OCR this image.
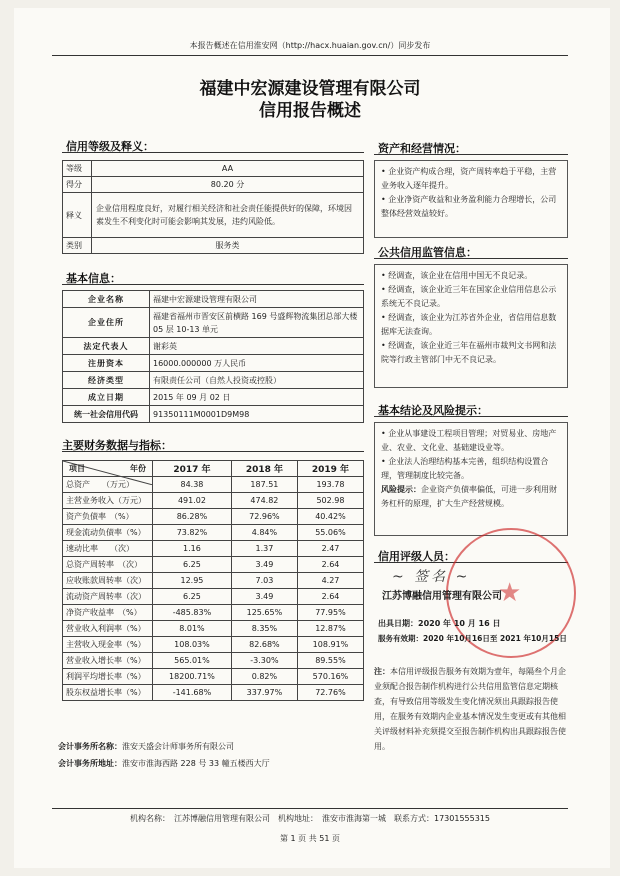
本报告概述在信用淮安网（http://hacx.huaian.gov.cn/）同步发布
福建中宏源建设管理有限公司
信用报告概述
信用等级及释义：
等级	AA
得分	80.20 分
释义	企业信用程度良好，对履行相关经济和社会责任能提供好的保障，环境因素发生不利变化时可能会影响其发展，违约风险低。
类别	服务类
基本信息：
企业名称	福建中宏源建设管理有限公司
企业住所	福建省福州市晋安区前横路 169 号盛辉物流集团总部大楼 05 层 10-13 单元
法定代表人	谢彩英
注册资本	16000.000000 万人民币
经济类型	有限责任公司（自然人投资或控股）
成立日期	2015 年 09 月 02 日
统一社会信用代码	91350111M0001D9M98
主要财务数据与指标：
年份
项目	2017 年	2018 年	2019 年
总资产　　（万元）	84.38	187.51	193.78
主营业务收入（万元）	491.02	474.82	502.98
资产负债率　（%）	86.28%	72.96%	40.42%
现金流动负债率（%）	73.82%	4.84%	55.06%
速动比率　　（次）	1.16	1.37	2.47
总资产周转率　（次）	6.25	3.49	2.64
应收账款周转率（次）	12.95	7.03	4.27
流动资产周转率（次）	6.25	3.49	2.64
净资产收益率　（%）	-485.83%	125.65%	77.95%
营业收入利润率（%）	8.01%	8.35%	12.87%
主营收入现金率（%）	108.03%	82.68%	108.91%
营业收入增长率（%）	565.01%	-3.30%	89.55%
利润平均增长率（%）	18200.71%	0.82%	570.16%
股东权益增长率（%）	-141.68%	337.97%	72.76%
会计事务所名称：淮安天盛会计师事务所有限公司
会计事务所地址：淮安市淮海西路 228 号 33 幢五楼西大厅
资产和经营情况：

• 企业资产构成合理，资产周转率趋于平稳，主营业务收入逐年提升。

• 企业净资产收益和业务盈利能力合理增长，公司整体经营效益较好。

公共信用监管信息：

• 经调查，该企业在信用中国无不良记录。

• 经调查，该企业近三年在国家企业信用信息公示系统无不良记录。

• 经调查，该企业为江苏省外企业，省信用信息数据库无法查询。

• 经调查，该企业近三年在福州市裁判文书网和法院等行政主管部门中无不良记录。

基本结论及风险提示：

• 企业从事建设工程项目管理；对贸易业、房地产业、农业、文化业、基础建设业等。

• 企业法人治理结构基本完善，组织结构设置合理，管理制度比较完备。

风险提示：企业资产负债率偏低，可进一步利用财务杠杆的原理，扩大生产经营规模。

信用评级人员：
★
~ 签名 ~
江苏博融信用管理有限公司
出具日期：2020 年 10 月 16 日
服务有效期：2020 年10月16日至 2021 年10月15日
注：本信用评级报告服务有效期为壹年，每隔叁个月企业须配合报告制作机构进行公共信用监管信息定期核查，有导致信用等级发生变化情况须出具跟踪报告使用，在服务有效期内企业基本情况发生变更或有其他相关评级材料补充须提交至报告制作机构出具跟踪报告使用。
机构名称：　江苏博融信用管理有限公司　机构地址：　淮安市淮海第一城　联系方式：17301555315
第 1 页 共 51 页
